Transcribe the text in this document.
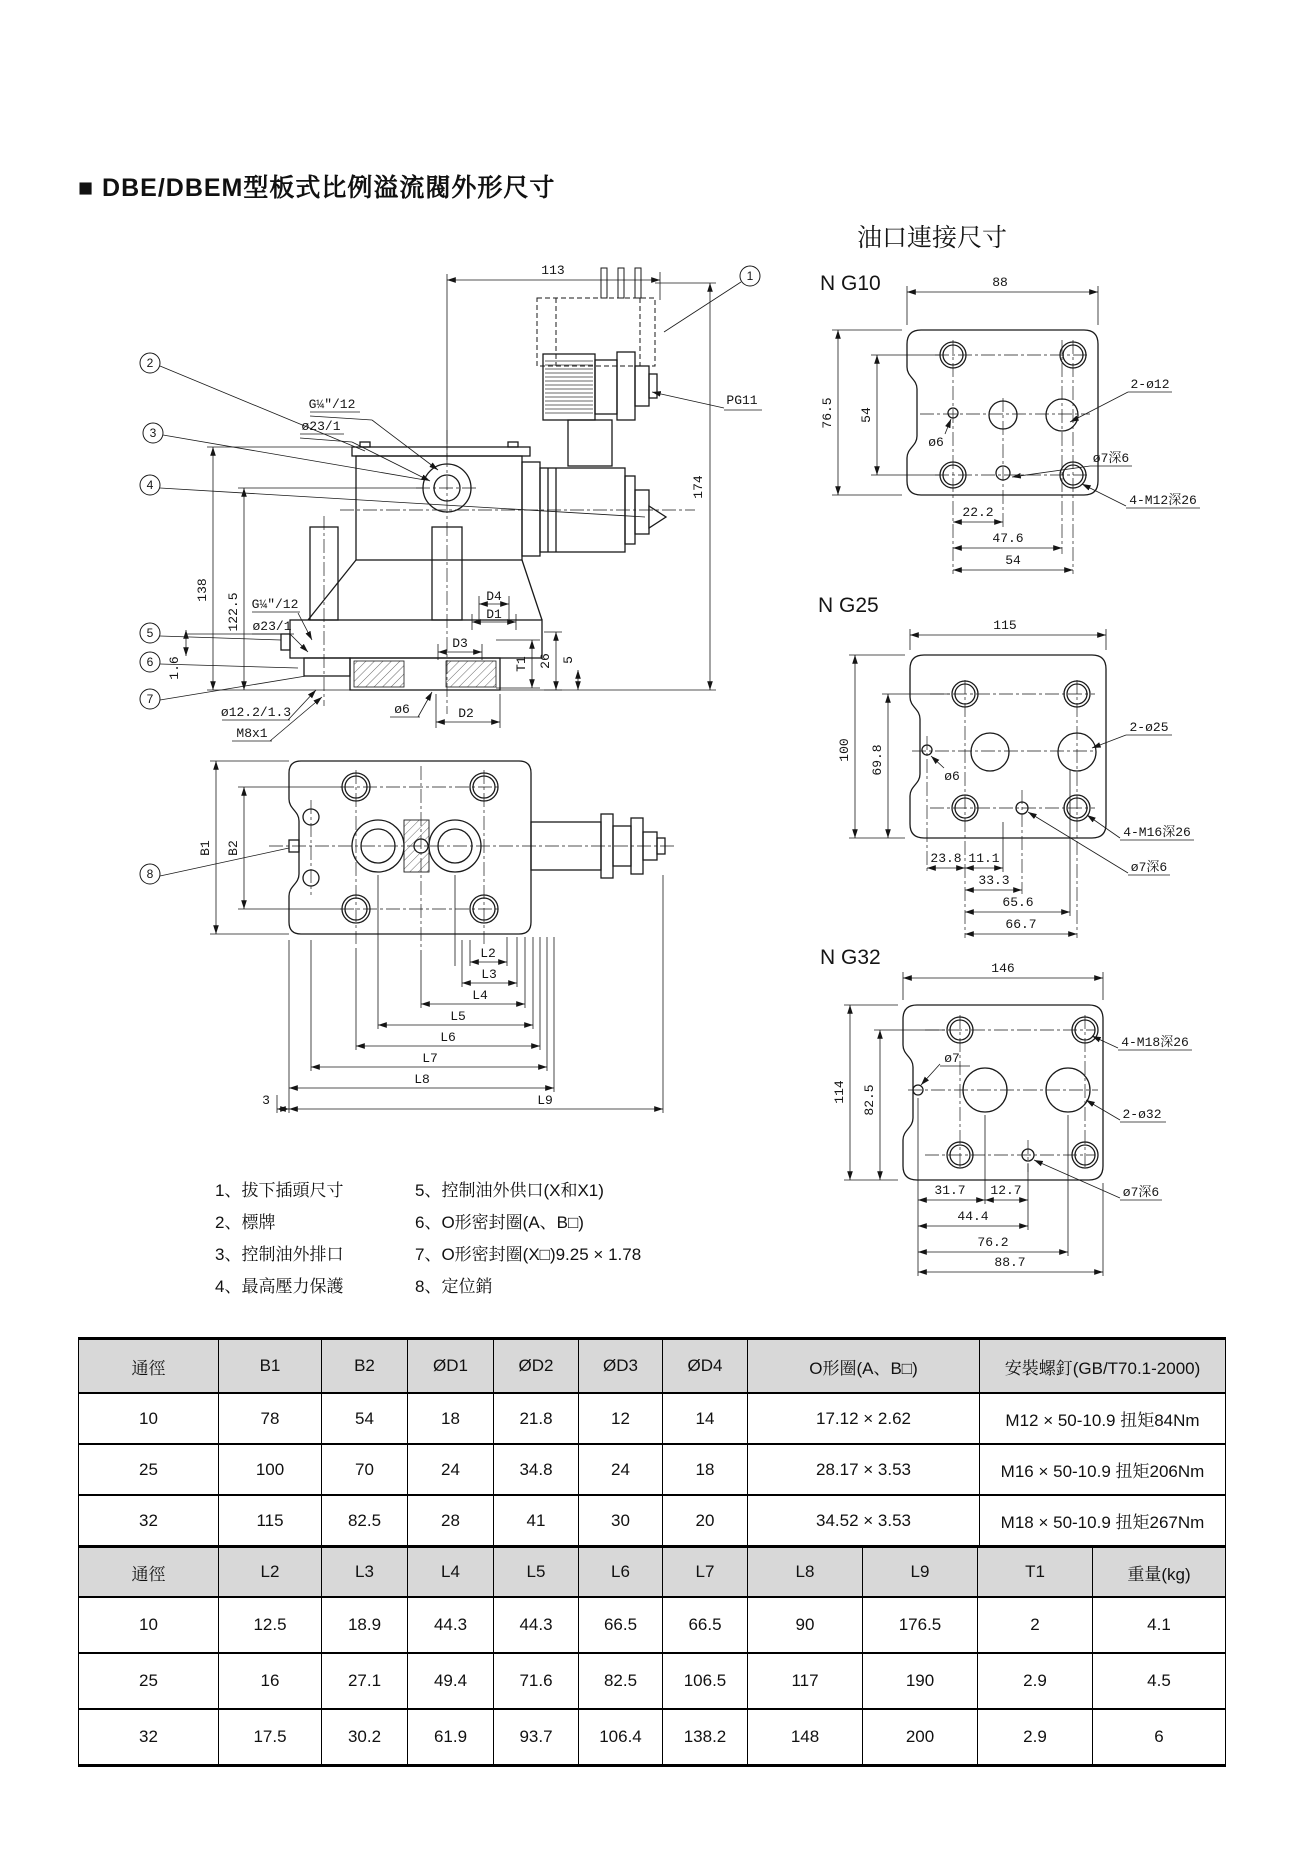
■ DBE/DBEM型板式比例溢流閥外形尺寸
1
2
3
4
5
6
7
8
113
174
138
122.5
G¼″/12
ø23/1
PG11
G¼″/12
ø23/1
1.6
ø12.2/1.3
M8x1
D4
D1
D3
T1 26 5
ø6	D2
B1 B2
L2
L3
L4
L5
L6
L7
L8
L9
3
油口連接尺寸
N G10
N G25
N G32
88
76.5 54
ø6
2-ø12
4-M12深26
ø7深6
22.2
47.6
54
115
100 69.8
ø6
2-ø25
4-M16深26
ø7深6
23.8 11.1
33.3
65.6
66.7
146
114 82.5
ø7
2-ø32
4-M18深26
ø7深6
31.7 12.7
44.4
76.2
88.7
1、拔下插頭尺寸
2、標牌
3、控制油外排口
4、最高壓力保護
5、控制油外供口(X和X1)
6、O形密封圈(A、B□)
7、O形密封圈(X□)9.25 × 1.78
8、定位銷
通徑	B1	B2	ØD1	ØD2	ØD3	ØD4	O形圈(A、B□)	安裝螺釘(GB/T70.1-2000)
10	78	54	18	21.8	12	14	17.12 × 2.62	M12 × 50-10.9 扭矩84Nm
25	100	70	24	34.8	24	18	28.17 × 3.53	M16 × 50-10.9 扭矩206Nm
32	115	82.5	28	41	30	20	34.52 × 3.53	M18 × 50-10.9 扭矩267Nm
通徑	L2	L3	L4	L5	L6	L7	L8	L9	T1	重量(kg)
10	12.5	18.9	44.3	44.3	66.5	66.5	90	176.5	2	4.1
25	16	27.1	49.4	71.6	82.5	106.5	117	190	2.9	4.5
32	17.5	30.2	61.9	93.7	106.4	138.2	148	200	2.9	6
